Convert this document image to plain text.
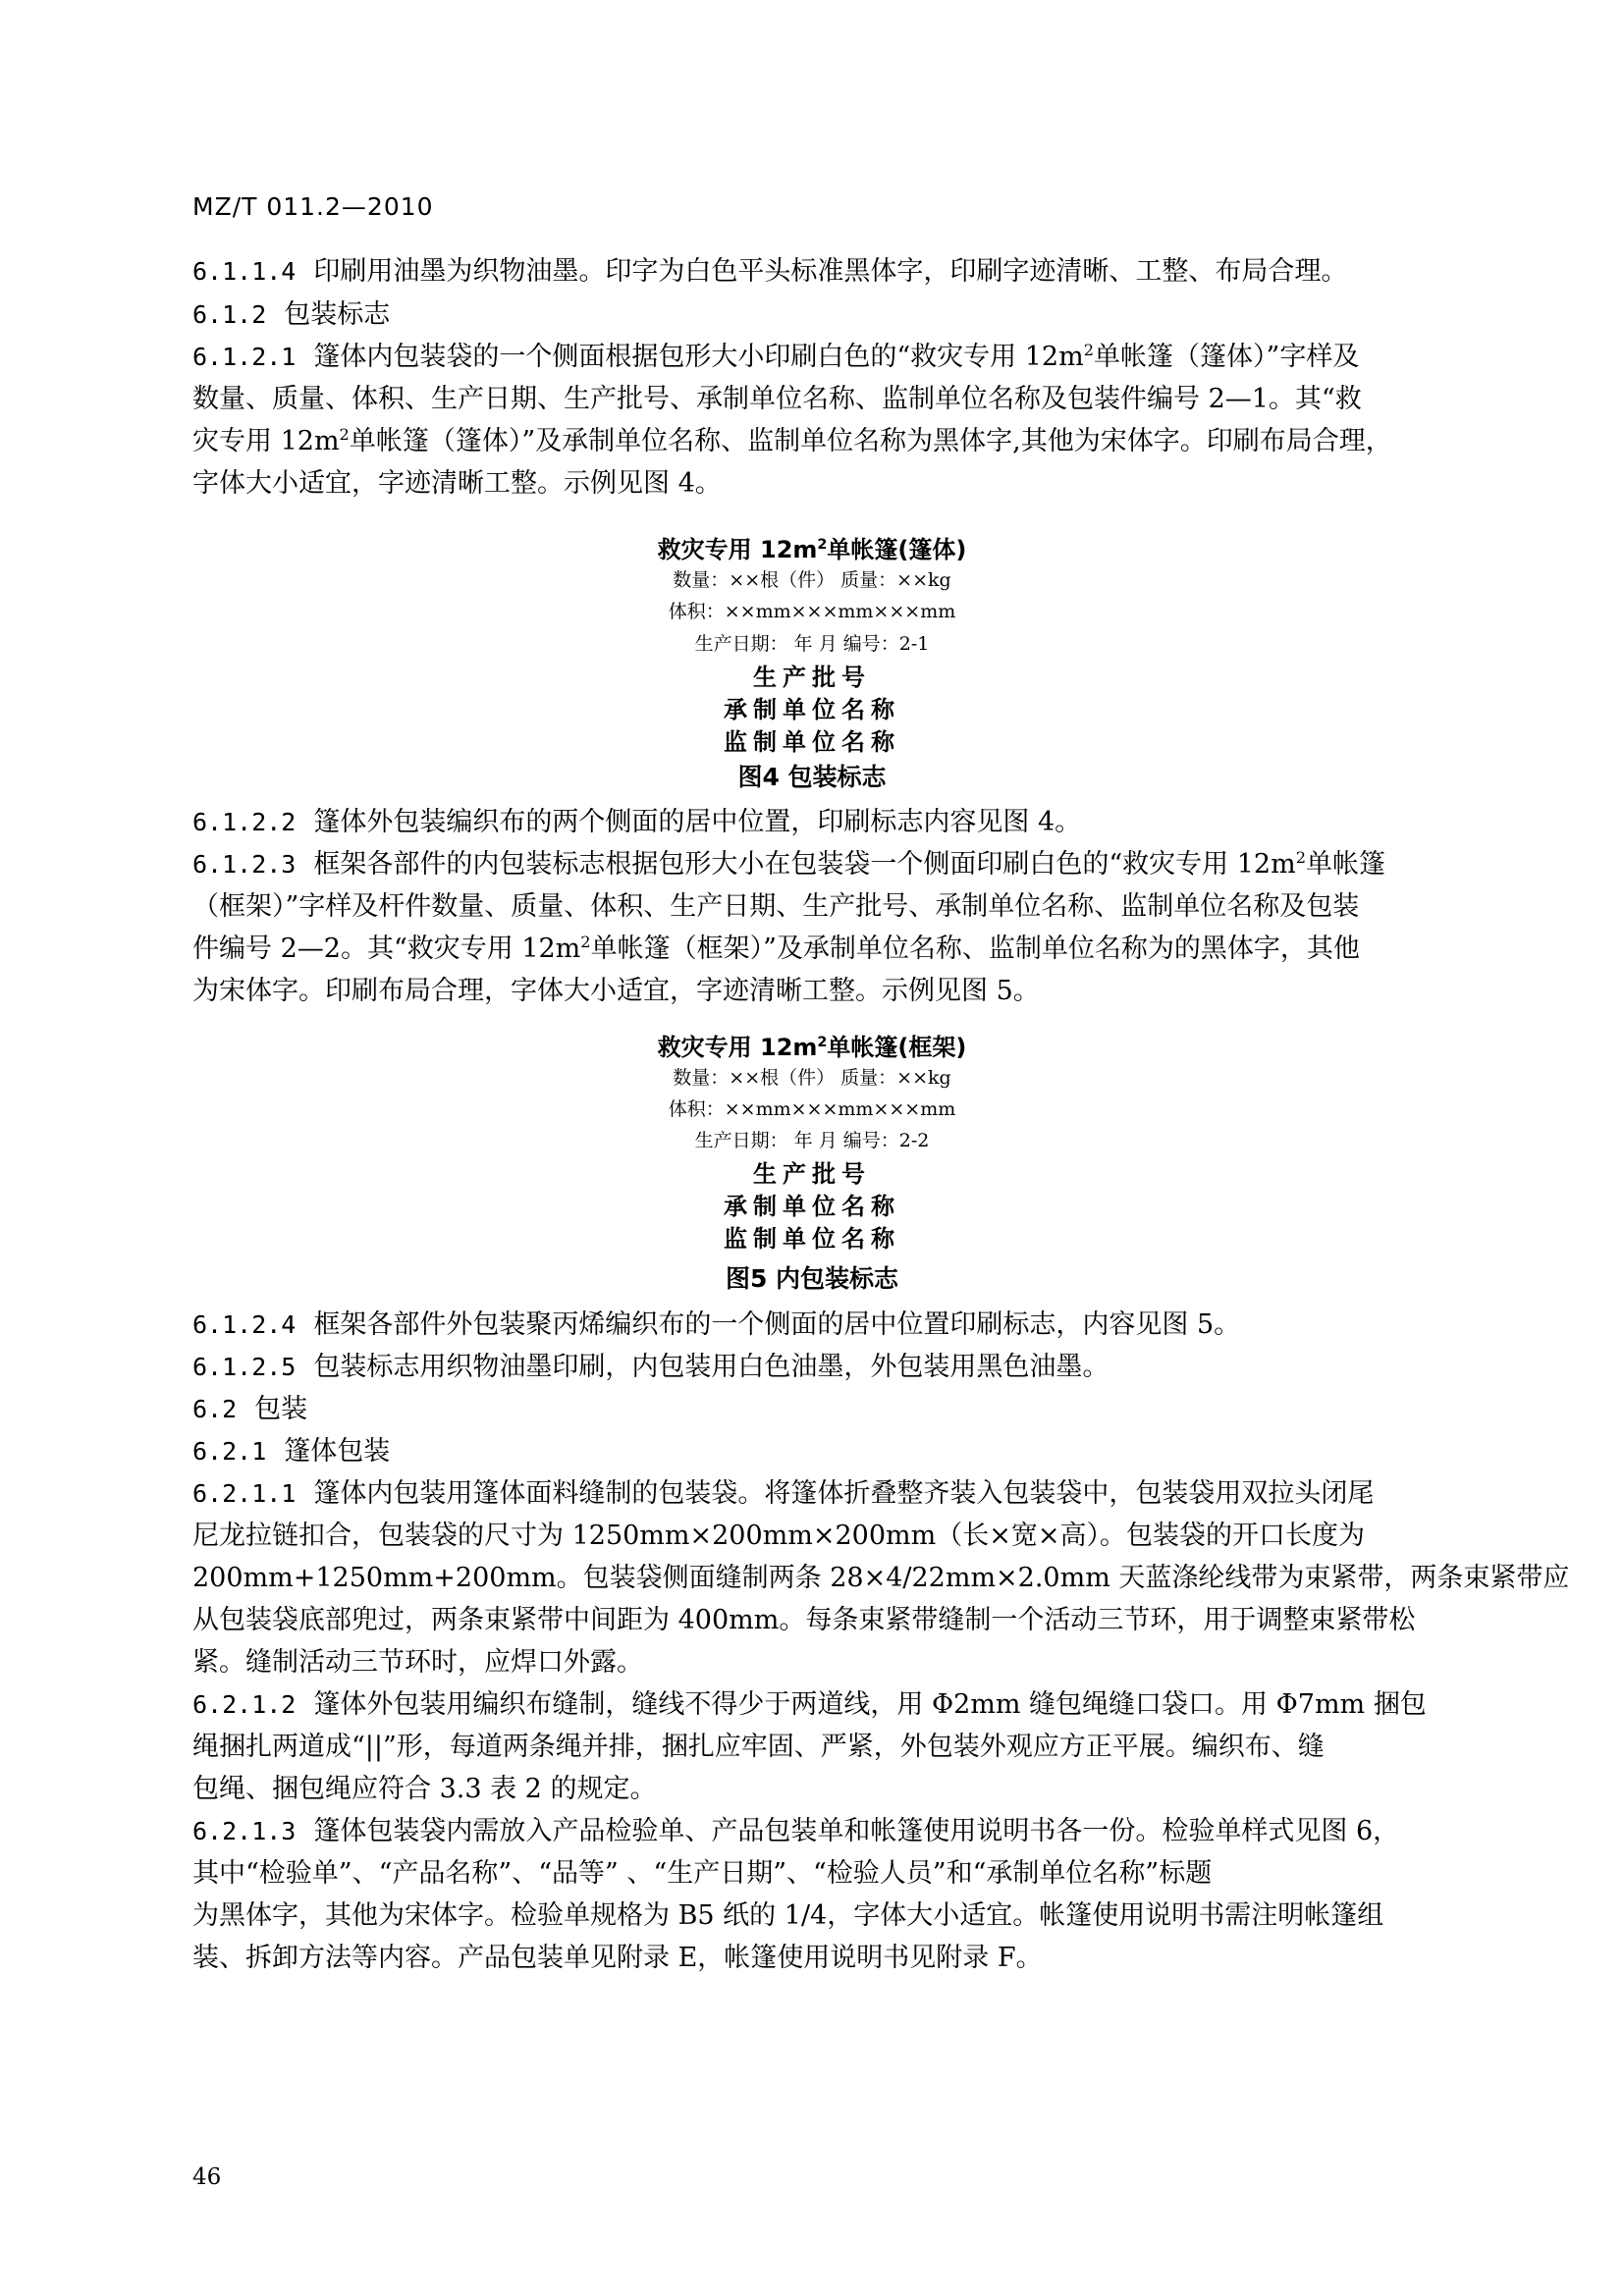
MZ/T 011.2—2010
6.1.1.4 印刷用油墨为织物油墨。印字为白色平头标准黑体字，印刷字迹清晰、工整、布局合理。
6.1.2 包装标志
6.1.2.1 篷体内包装袋的一个侧面根据包形大小印刷白色的“救灾专用 $12m^2$单帐篷（篷体）”字样及
数量、质量、体积、生产日期、生产批号、承制单位名称、监制单位名称及包装件编号 2—1。其“救
灾专用 $12m^2$单帐篷（篷体）”及承制单位名称、监制单位名称为黑体字,其他为宋体字。印刷布局合理，
字体大小适宜，字迹清晰工整。示例见图 4。
救灾专用 $12m^2$单帐篷(篷体)
数量：××根（件） 质量：××kg
体积：××mm×××mm×××mm
生产日期： 年 月 编号：2-1
生产批号
承制单位名称
监制单位名称
图4 包装标志
6.1.2.2 篷体外包装编织布的两个侧面的居中位置，印刷标志内容见图 4。
6.1.2.3 框架各部件的内包装标志根据包形大小在包装袋一个侧面印刷白色的“救灾专用 $12m^2$单帐篷
（框架）”字样及杆件数量、质量、体积、生产日期、生产批号、承制单位名称、监制单位名称及包装
件编号 2—2。其“救灾专用 $12m^2$单帐篷（框架）”及承制单位名称、监制单位名称为的黑体字，其他
为宋体字。印刷布局合理，字体大小适宜，字迹清晰工整。示例见图 5。
救灾专用 $12m^2$单帐篷(框架)
数量：××根（件） 质量：××kg
体积：××mm×××mm×××mm
生产日期： 年 月 编号：2-2
生产批号
承制单位名称
监制单位名称
图5 内包装标志
6.1.2.4 框架各部件外包装聚丙烯编织布的一个侧面的居中位置印刷标志，内容见图 5。
6.1.2.5 包装标志用织物油墨印刷，内包装用白色油墨，外包装用黑色油墨。
6.2 包装
6.2.1 篷体包装
6.2.1.1 篷体内包装用篷体面料缝制的包装袋。将篷体折叠整齐装入包装袋中，包装袋用双拉头闭尾
尼龙拉链扣合，包装袋的尺寸为 1250mm×200mm×200mm（长×宽×高）。包装袋的开口长度为
200mm+1250mm+200mm。包装袋侧面缝制两条 28×4/22mm×2.0mm 天蓝涤纶线带为束紧带，两条束紧带应
从包装袋底部兜过，两条束紧带中间距为 400mm。每条束紧带缝制一个活动三节环，用于调整束紧带松
紧。缝制活动三节环时，应焊口外露。
6.2.1.2 篷体外包装用编织布缝制，缝线不得少于两道线，用 Φ2mm 缝包绳缝口袋口。用 Φ7mm 捆包
绳捆扎两道成“||”形，每道两条绳并排，捆扎应牢固、严紧，外包装外观应方正平展。编织布、缝
包绳、捆包绳应符合 3.3 表 2 的规定。
6.2.1.3 篷体包装袋内需放入产品检验单、产品包装单和帐篷使用说明书各一份。检验单样式见图 6，
其中“检验单”、“产品名称”、“品等” 、“生产日期”、“检验人员”和“承制单位名称”标题
为黑体字，其他为宋体字。检验单规格为 B5 纸的 1/4，字体大小适宜。帐篷使用说明书需注明帐篷组
装、拆卸方法等内容。产品包装单见附录 E，帐篷使用说明书见附录 F。
46
